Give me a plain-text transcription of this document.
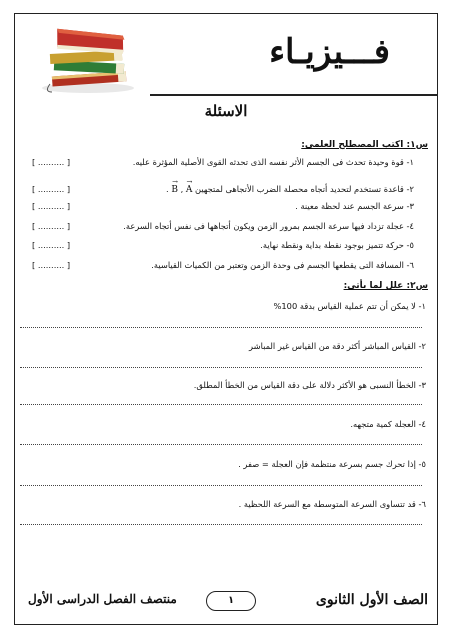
فـــيزيـاء
الاسئلة
س١: اكتب المصطلح العلمى:
١- قوة وحيدة تحدث فى الجسم الأثر نفسه الذى تحدثه القوى الأصلية المؤثرة عليه.
[ .......... ]
٢- قاعدة تستخدم لتحديد أتجاه محصلة الضرب الأتجاهى لمتجهين
→
A ,
→
B .
[ .......... ]
٣- سرعة الجسم عند لحظة معينة .
[ .......... ]
٤- عجلة تزداد فيها سرعة الجسم بمرور الزمن ويكون أتجاهها فى نفس أتجاه السرعة.
[ .......... ]
٥- حركة تتميز بوجود نقطة بداية ونقطة نهاية.
[ .......... ]
٦- المسافة التى يقطعها الجسم فى وحدة الزمن وتعتبر من الكميات القياسية.
[ .......... ]
س٢: علل لما يأتى:
١- لا يمكن أن تتم عملية القياس بدقة 100%
٢- القياس المباشر أكثر دقة من القياس غير المباشر
٣- الخطأ النسبى هو الأكثر دلالة على دقة القياس من الخطأ المطلق.
٤- العجلة كمية متجهه.
٥- إذا تحرك جسم بسرعة منتظمة فإن العجلة = صفر .
٦- قد تتساوى السرعة المتوسطة مع السرعة اللحظية .
الصف الأول الثانوى
١
منتصف الفصل الدراسى الأول
